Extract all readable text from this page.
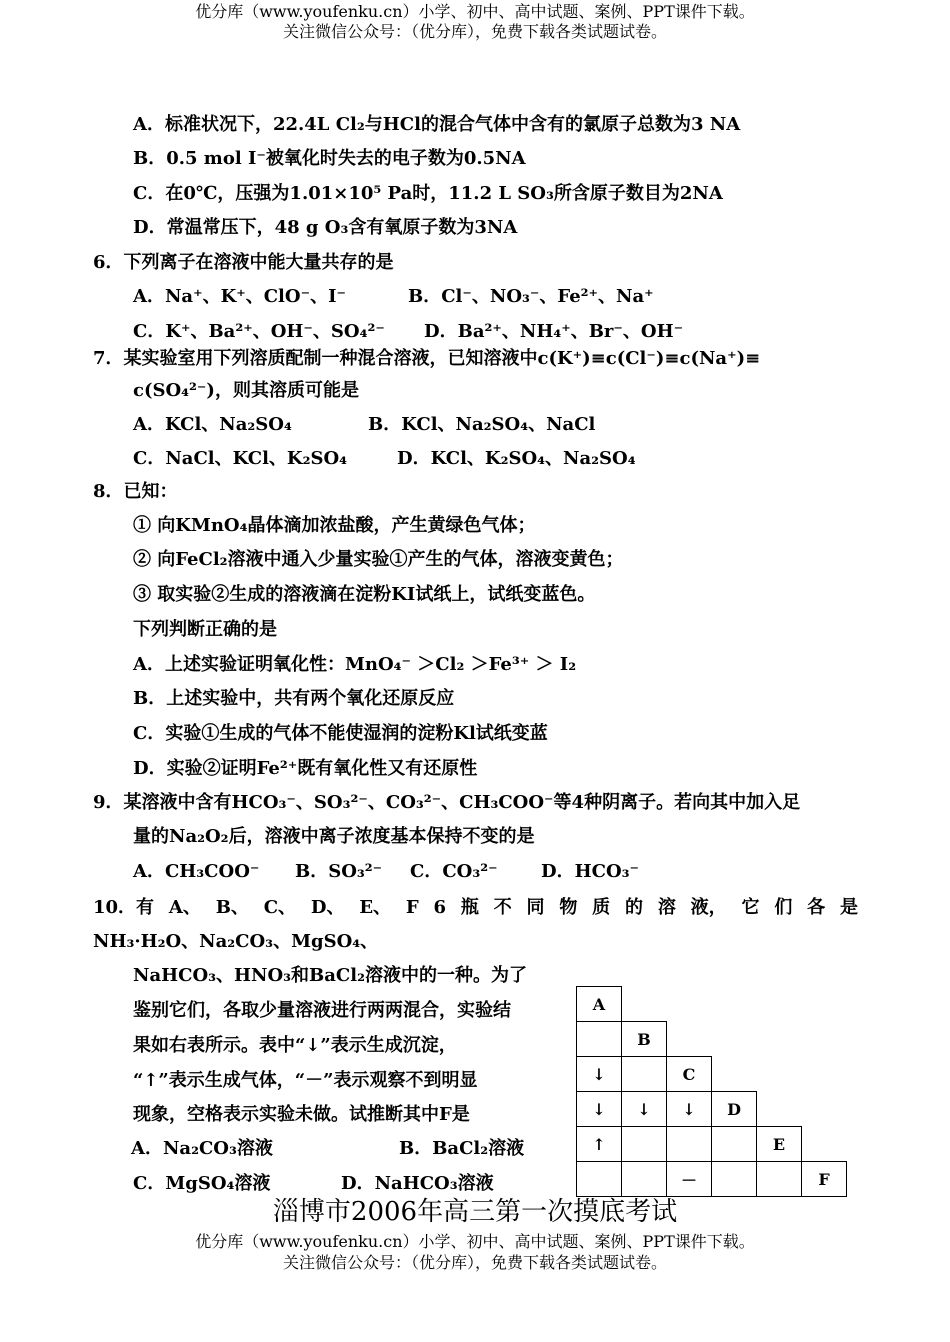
优分库（www.youfenku.cn）小学、初中、高中试题、案例、PPT课件下载。
关注微信公众号：（优分库），免费下载各类试题试卷。
A．标准状况下，22.4L Cl₂与HCl的混合气体中含有的氯原子总数为3 NA
B．0.5 mol I⁻被氧化时失去的电子数为0.5NA
C．在0℃，压强为1.01×10⁵ Pa时，11.2 L SO₃所含原子数目为2NA
D．常温常压下，48 g O₃含有氧原子数为3NA
6．下列离子在溶液中能大量共存的是
A．Na⁺、K⁺、ClO⁻、I⁻	B．Cl⁻、NO₃⁻、Fe²⁺、Na⁺
C．K⁺、Ba²⁺、OH⁻、SO₄²⁻ D．Ba²⁺、NH₄⁺、Br⁻、OH⁻
7．某实验室用下列溶质配制一种混合溶液，已知溶液中c(K⁺)≡c(Cl⁻)≡c(Na⁺)≡
c(SO₄²⁻)，则其溶质可能是
A．KCl、Na₂SO₄	B．KCl、Na₂SO₄、NaCl
C．NaCl、KCl、K₂SO₄	D．KCl、K₂SO₄、Na₂SO₄
8．已知：
① 向KMnO₄晶体滴加浓盐酸，产生黄绿色气体；
② 向FeCl₂溶液中通入少量实验①产生的气体，溶液变黄色；
③ 取实验②生成的溶液滴在淀粉KI试纸上，试纸变蓝色。
下列判断正确的是
A．上述实验证明氧化性：MnO₄⁻ ＞Cl₂ ＞Fe³⁺ ＞ I₂
B．上述实验中，共有两个氧化还原反应
C．实验①生成的气体不能使湿润的淀粉Kl试纸变蓝
D．实验②证明Fe²⁺既有氧化性又有还原性
9．某溶液中含有HCO₃⁻、SO₃²⁻、CO₃²⁻、CH₃COO⁻等4种阴离子。若向其中加入足
量的Na₂O₂后，溶液中离子浓度基本保持不变的是
A．CH₃COO⁻ B．SO₃²⁻ C．CO₃²⁻ D．HCO₃⁻
10．有 A、 B、 C、 D、 E、 F 6 瓶 不 同 物 质 的 溶 液， 它 们 各 是
NH₃·H₂O、Na₂CO₃、MgSO₄、
NaHCO₃、HNO₃和BaCl₂溶液中的一种。为了
鉴别它们，各取少量溶液进行两两混合，实验结
果如右表所示。表中“↓”表示生成沉淀，
“↑”表示生成气体，“－”表示观察不到明显
现象，空格表示实验未做。试推断其中F是
A．Na₂CO₃溶液	B．BaCl₂溶液
C．MgSO₄溶液	D．NaHCO₃溶液
A					
	B				
↓		C			
↓	↓	↓	D		
↑				E	
		－			F
淄博市2006年高三第一次摸底考试
优分库（www.youfenku.cn）小学、初中、高中试题、案例、PPT课件下载。
关注微信公众号：（优分库），免费下载各类试题试卷。
